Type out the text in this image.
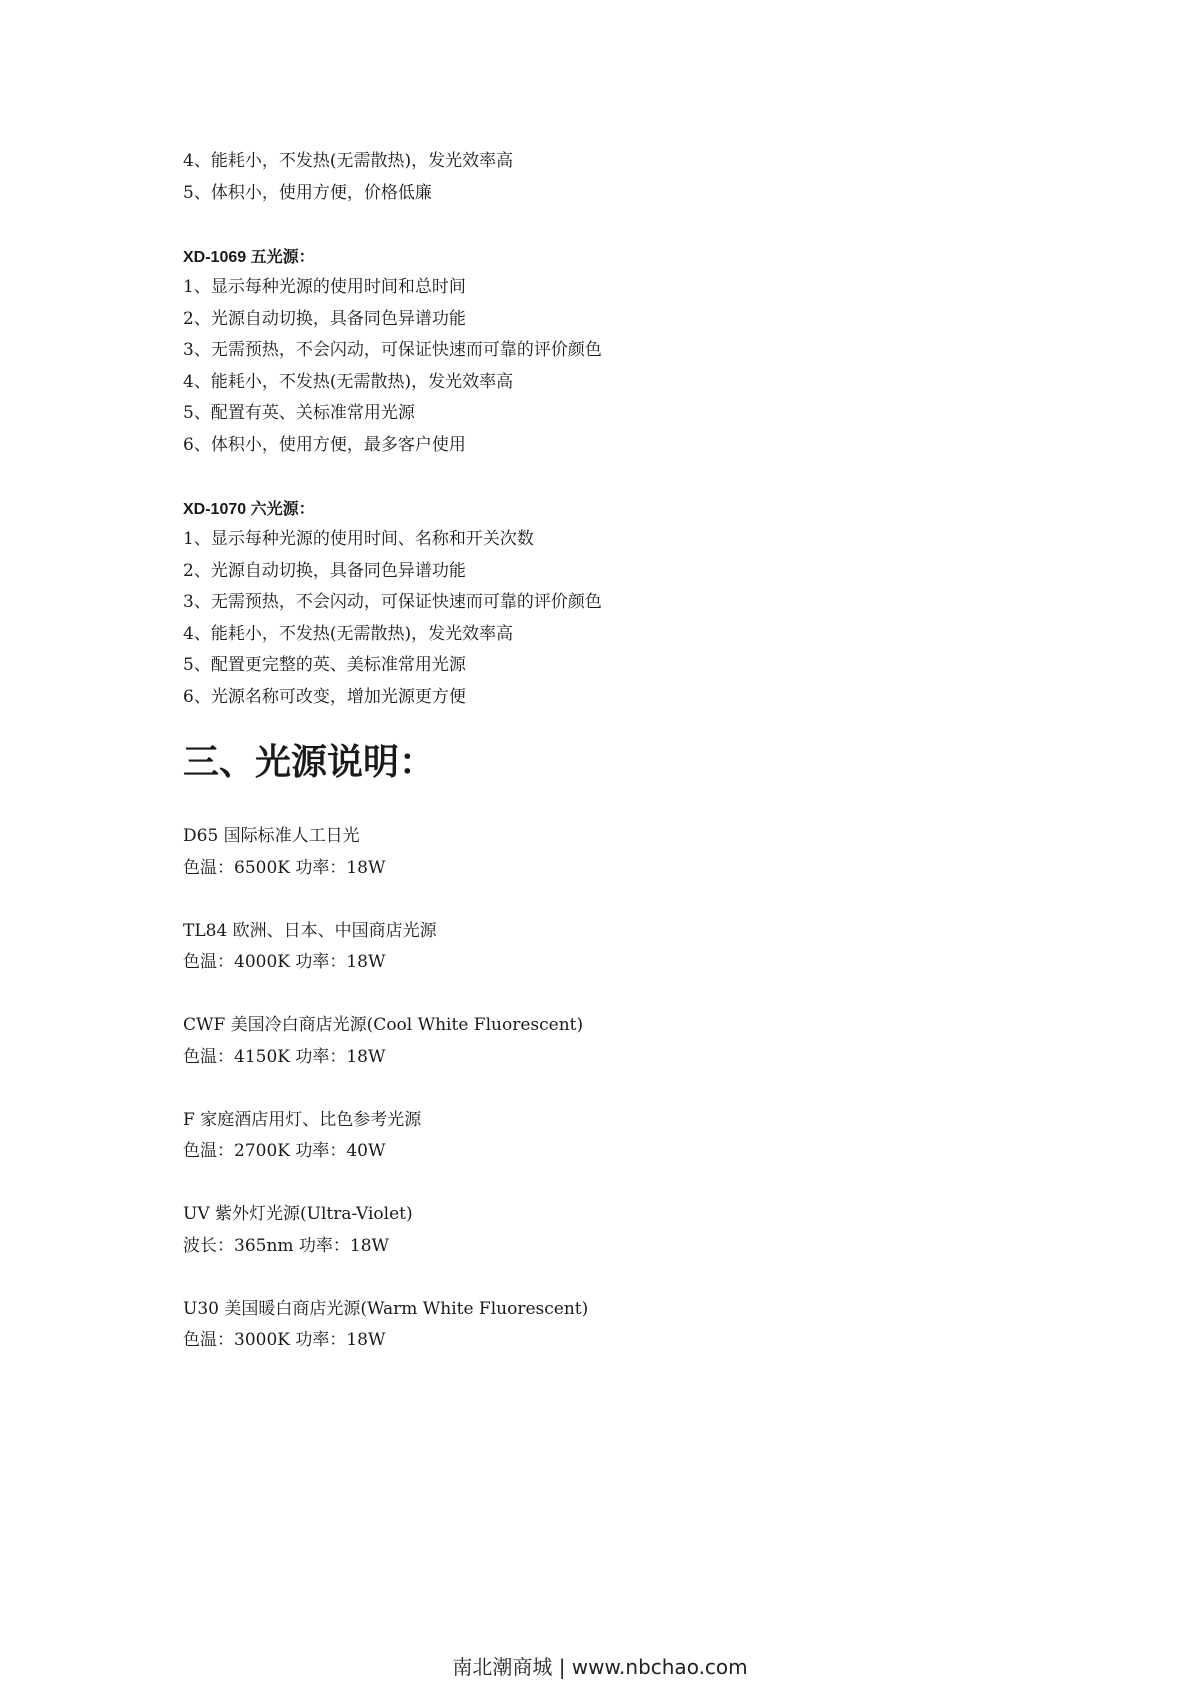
4、能耗小，不发热(无需散热)，发光效率高
5、体积小，使用方便，价格低廉
XD-1069 五光源：
1、显示每种光源的使用时间和总时间
2、光源自动切换，具备同色异谱功能
3、无需预热，不会闪动，可保证快速而可靠的评价颜色
4、能耗小，不发热(无需散热)，发光效率高
5、配置有英、关标准常用光源
6、体积小，使用方便，最多客户使用
XD-1070 六光源：
1、显示每种光源的使用时间、名称和开关次数
2、光源自动切换，具备同色异谱功能
3、无需预热，不会闪动，可保证快速而可靠的评价颜色
4、能耗小，不发热(无需散热)，发光效率高
5、配置更完整的英、美标准常用光源
6、光源名称可改变，增加光源更方便
三、光源说明：
D65 国际标准人工日光
色温：6500K 功率：18W
TL84 欧洲、日本、中国商店光源
色温：4000K 功率：18W
CWF 美国冷白商店光源(Cool White Fluorescent)
色温：4150K 功率：18W
F 家庭酒店用灯、比色参考光源
色温：2700K 功率：40W
UV 紫外灯光源(Ultra-Violet)
波长：365nm 功率：18W
U30 美国暖白商店光源(Warm White Fluorescent)
色温：3000K 功率：18W
南北潮商城 | www.nbchao.com
